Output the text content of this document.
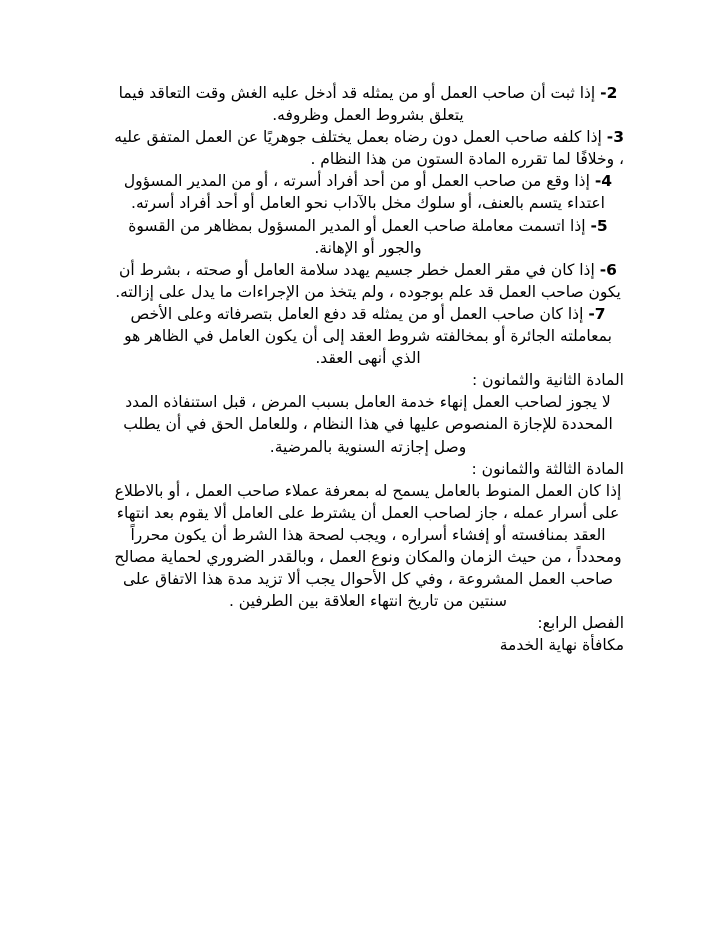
2- إذا ثبت أن صاحب العمل أو من يمثله قد أدخل عليه الغش وقت التعاقد فيما يتعلق بشروط العمل وظروفه.

3- إذا كلفه صاحب العمل دون رضاه بعمل يختلف جوهريًا عن العمل المتفق عليه ، وخلافًا لما تقرره المادة الستون من هذا النظام .

4- إذا وقع من صاحب العمل أو من أحد أفراد أسرته ، أو من المدير المسؤول اعتداء يتسم بالعنف، أو سلوك مخل بالآداب نحو العامل أو أحد أفراد أسرته.

5- إذا اتسمت معاملة صاحب العمل أو المدير المسؤول بمظاهر من القسوة والجور أو الإهانة.

6- إذا كان في مقر العمل خطر جسيم يهدد سلامة العامل أو صحته ، بشرط أن يكون صاحب العمل قد علم بوجوده ، ولم يتخذ من الإجراءات ما يدل على إزالته.

7- إذا كان صاحب العمل أو من يمثله قد دفع العامل بتصرفاته وعلى الأخص بمعاملته الجائرة أو بمخالفته شروط العقد إلى أن يكون العامل في الظاهر هو الذي أنهى العقد.

المادة الثانية والثمانون :

لا يجوز لصاحب العمل إنهاء خدمة العامل بسبب المرض ، قبل استنفاذه المدد المحددة للإجازة المنصوص عليها في هذا النظام ، وللعامل الحق في أن يطلب وصل إجازته السنوية بالمرضية.

المادة الثالثة والثمانون :

إذا كان العمل المنوط بالعامل يسمح له بمعرفة عملاء صاحب العمل ، أو بالاطلاع على أسرار عمله ، جاز لصاحب العمل أن يشترط على العامل ألا يقوم بعد انتهاء العقد بمنافسته أو إفشاء أسراره ، ويجب لصحة هذا الشرط أن يكون محرراً ومحدداً ، من حيث الزمان والمكان ونوع العمل ، وبالقدر الضروري لحماية مصالح صاحب العمل المشروعة ، وفي كل الأحوال يجب ألا تزيد مدة هذا الاتفاق على سنتين من تاريخ انتهاء العلاقة بين الطرفين .

الفصل الرابع:

مكافأة نهاية الخدمة
